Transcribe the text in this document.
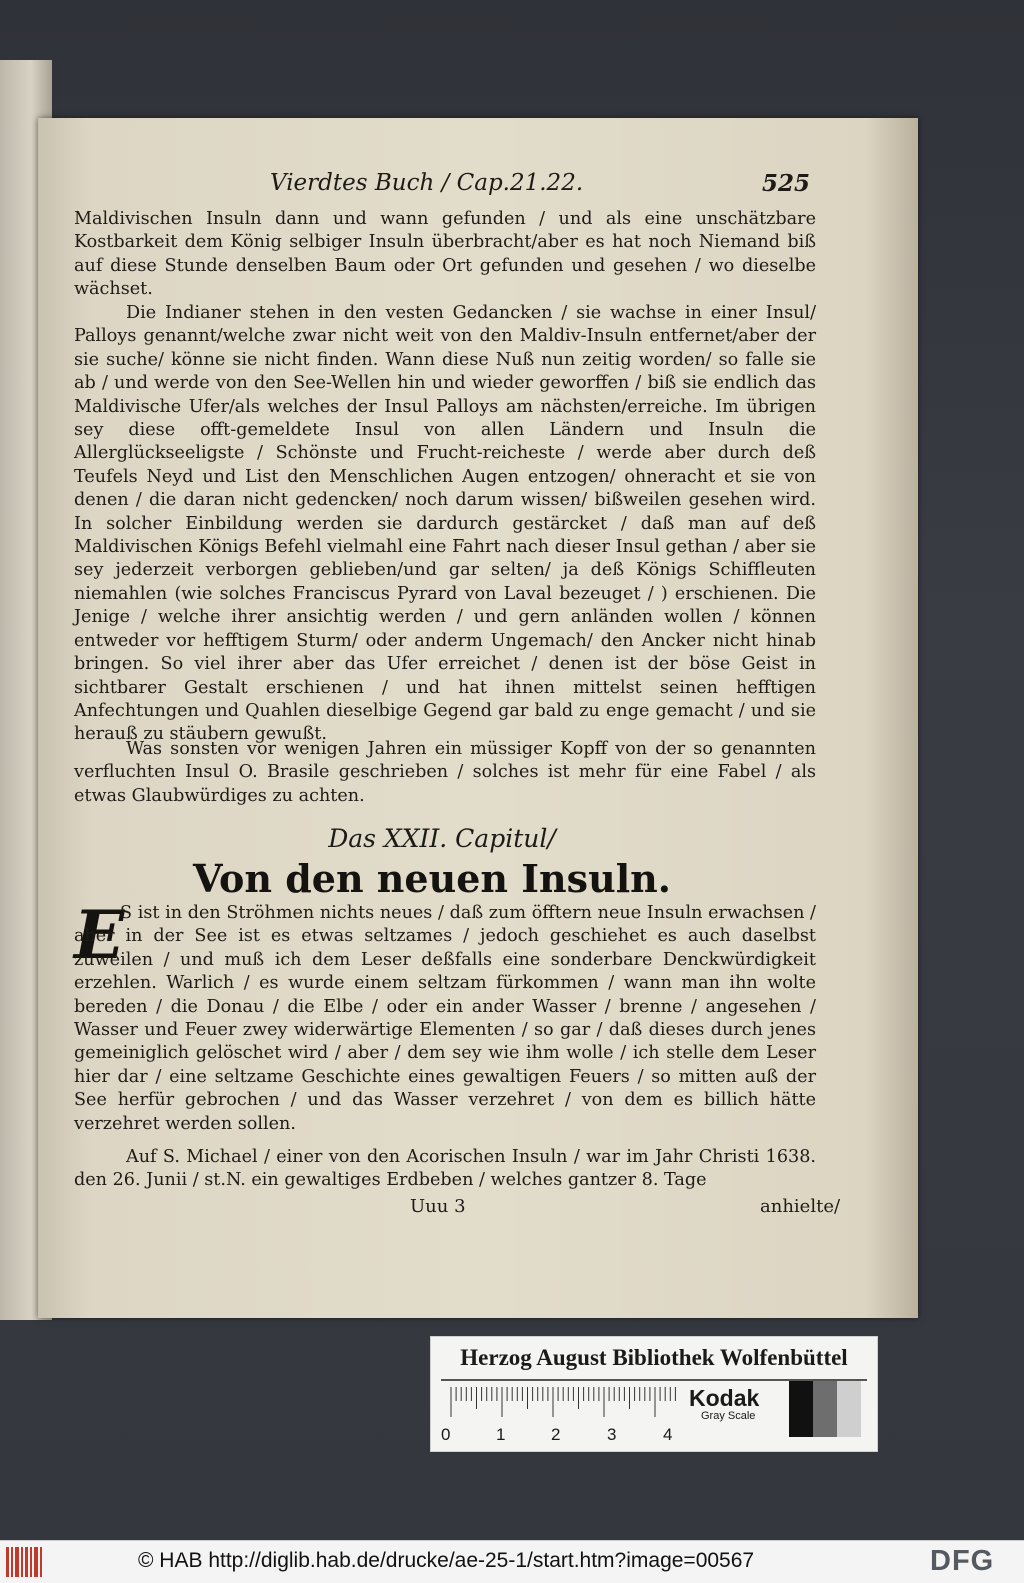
Vierdtes Buch / Cap.21.22.	525

Maldivischen Insuln dann und wann gefunden / und als eine unschätzbare Kostbarkeit dem König selbiger Insuln überbracht/aber es hat noch Niemand biß auf diese Stunde denselben Baum oder Ort gefunden und gesehen / wo dieselbe wächset.

Die Indianer stehen in den vesten Gedancken / sie wachse in einer Insul/ Palloys genannt/welche zwar nicht weit von den Maldiv-Insuln entfernet/aber der sie suche/ könne sie nicht finden. Wann diese Nuß nun zeitig worden/ so falle sie ab / und werde von den See-Wellen hin und wieder geworffen / biß sie endlich das Maldivische Ufer/als welches der Insul Palloys am nächsten/erreiche. Im übrigen sey diese offt-gemeldete Insul von allen Ländern und Insuln die Allerglückseeligste / Schönste und Frucht-reicheste / werde aber durch deß Teufels Neyd und List den Menschlichen Augen entzogen/ ohneracht et sie von denen / die daran nicht gedencken/ noch darum wissen/ bißweilen gesehen wird. In solcher Einbildung werden sie dardurch gestärcket / daß man auf deß Maldivischen Königs Befehl vielmahl eine Fahrt nach dieser Insul gethan / aber sie sey jederzeit verborgen geblieben/und gar selten/ ja deß Königs Schiffleuten niemahlen (wie solches Franciscus Pyrard von Laval bezeuget / ) erschienen. Die Jenige / welche ihrer ansichtig werden / und gern anländen wollen / können entweder vor hefftigem Sturm/ oder anderm Ungemach/ den Ancker nicht hinab bringen. So viel ihrer aber das Ufer erreichet / denen ist der böse Geist in sichtbarer Gestalt erschienen / und hat ihnen mittelst seinen hefftigen Anfechtungen und Quahlen dieselbige Gegend gar bald zu enge gemacht / und sie herauß zu stäubern gewußt.

Was sonsten vor wenigen Jahren ein müssiger Kopff von der so genannten verfluchten Insul O. Brasile geschrieben / solches ist mehr für eine Fabel / als etwas Glaubwürdiges zu achten.

Das XXII. Capitul/
Von den neuen Insuln.
E

S ist in den Ströhmen nichts neues / daß zum öfftern neue Insuln erwachsen / aber in der See ist es etwas seltzames / jedoch geschiehet es auch daselbst zuweilen / und muß ich dem Leser deßfalls eine sonderbare Denckwürdigkeit erzehlen. Warlich / es wurde einem seltzam fürkommen / wann man ihn wolte bereden / die Donau / die Elbe / oder ein ander Wasser / brenne / angesehen / Wasser und Feuer zwey widerwärtige Elementen / so gar / daß dieses durch jenes gemeiniglich gelöschet wird / aber / dem sey wie ihm wolle / ich stelle dem Leser hier dar / eine seltzame Geschichte eines gewaltigen Feuers / so mitten auß der See herfür gebrochen / und das Wasser verzehret / von dem es billich hätte verzehret werden sollen.

Auf S. Michael / einer von den Acorischen Insuln / war im Jahr Christi 1638. den 26. Junii / st.N. ein gewaltiges Erdbeben / welches gantzer 8. Tage

Uuu 3	anhielte/
Herzog August Bibliothek Wolfenbüttel
0	1	2	3	4
Kodak
Gray Scale
© HAB http://diglib.hab.de/drucke/ae-25-1/start.htm?image=00567	DFG
